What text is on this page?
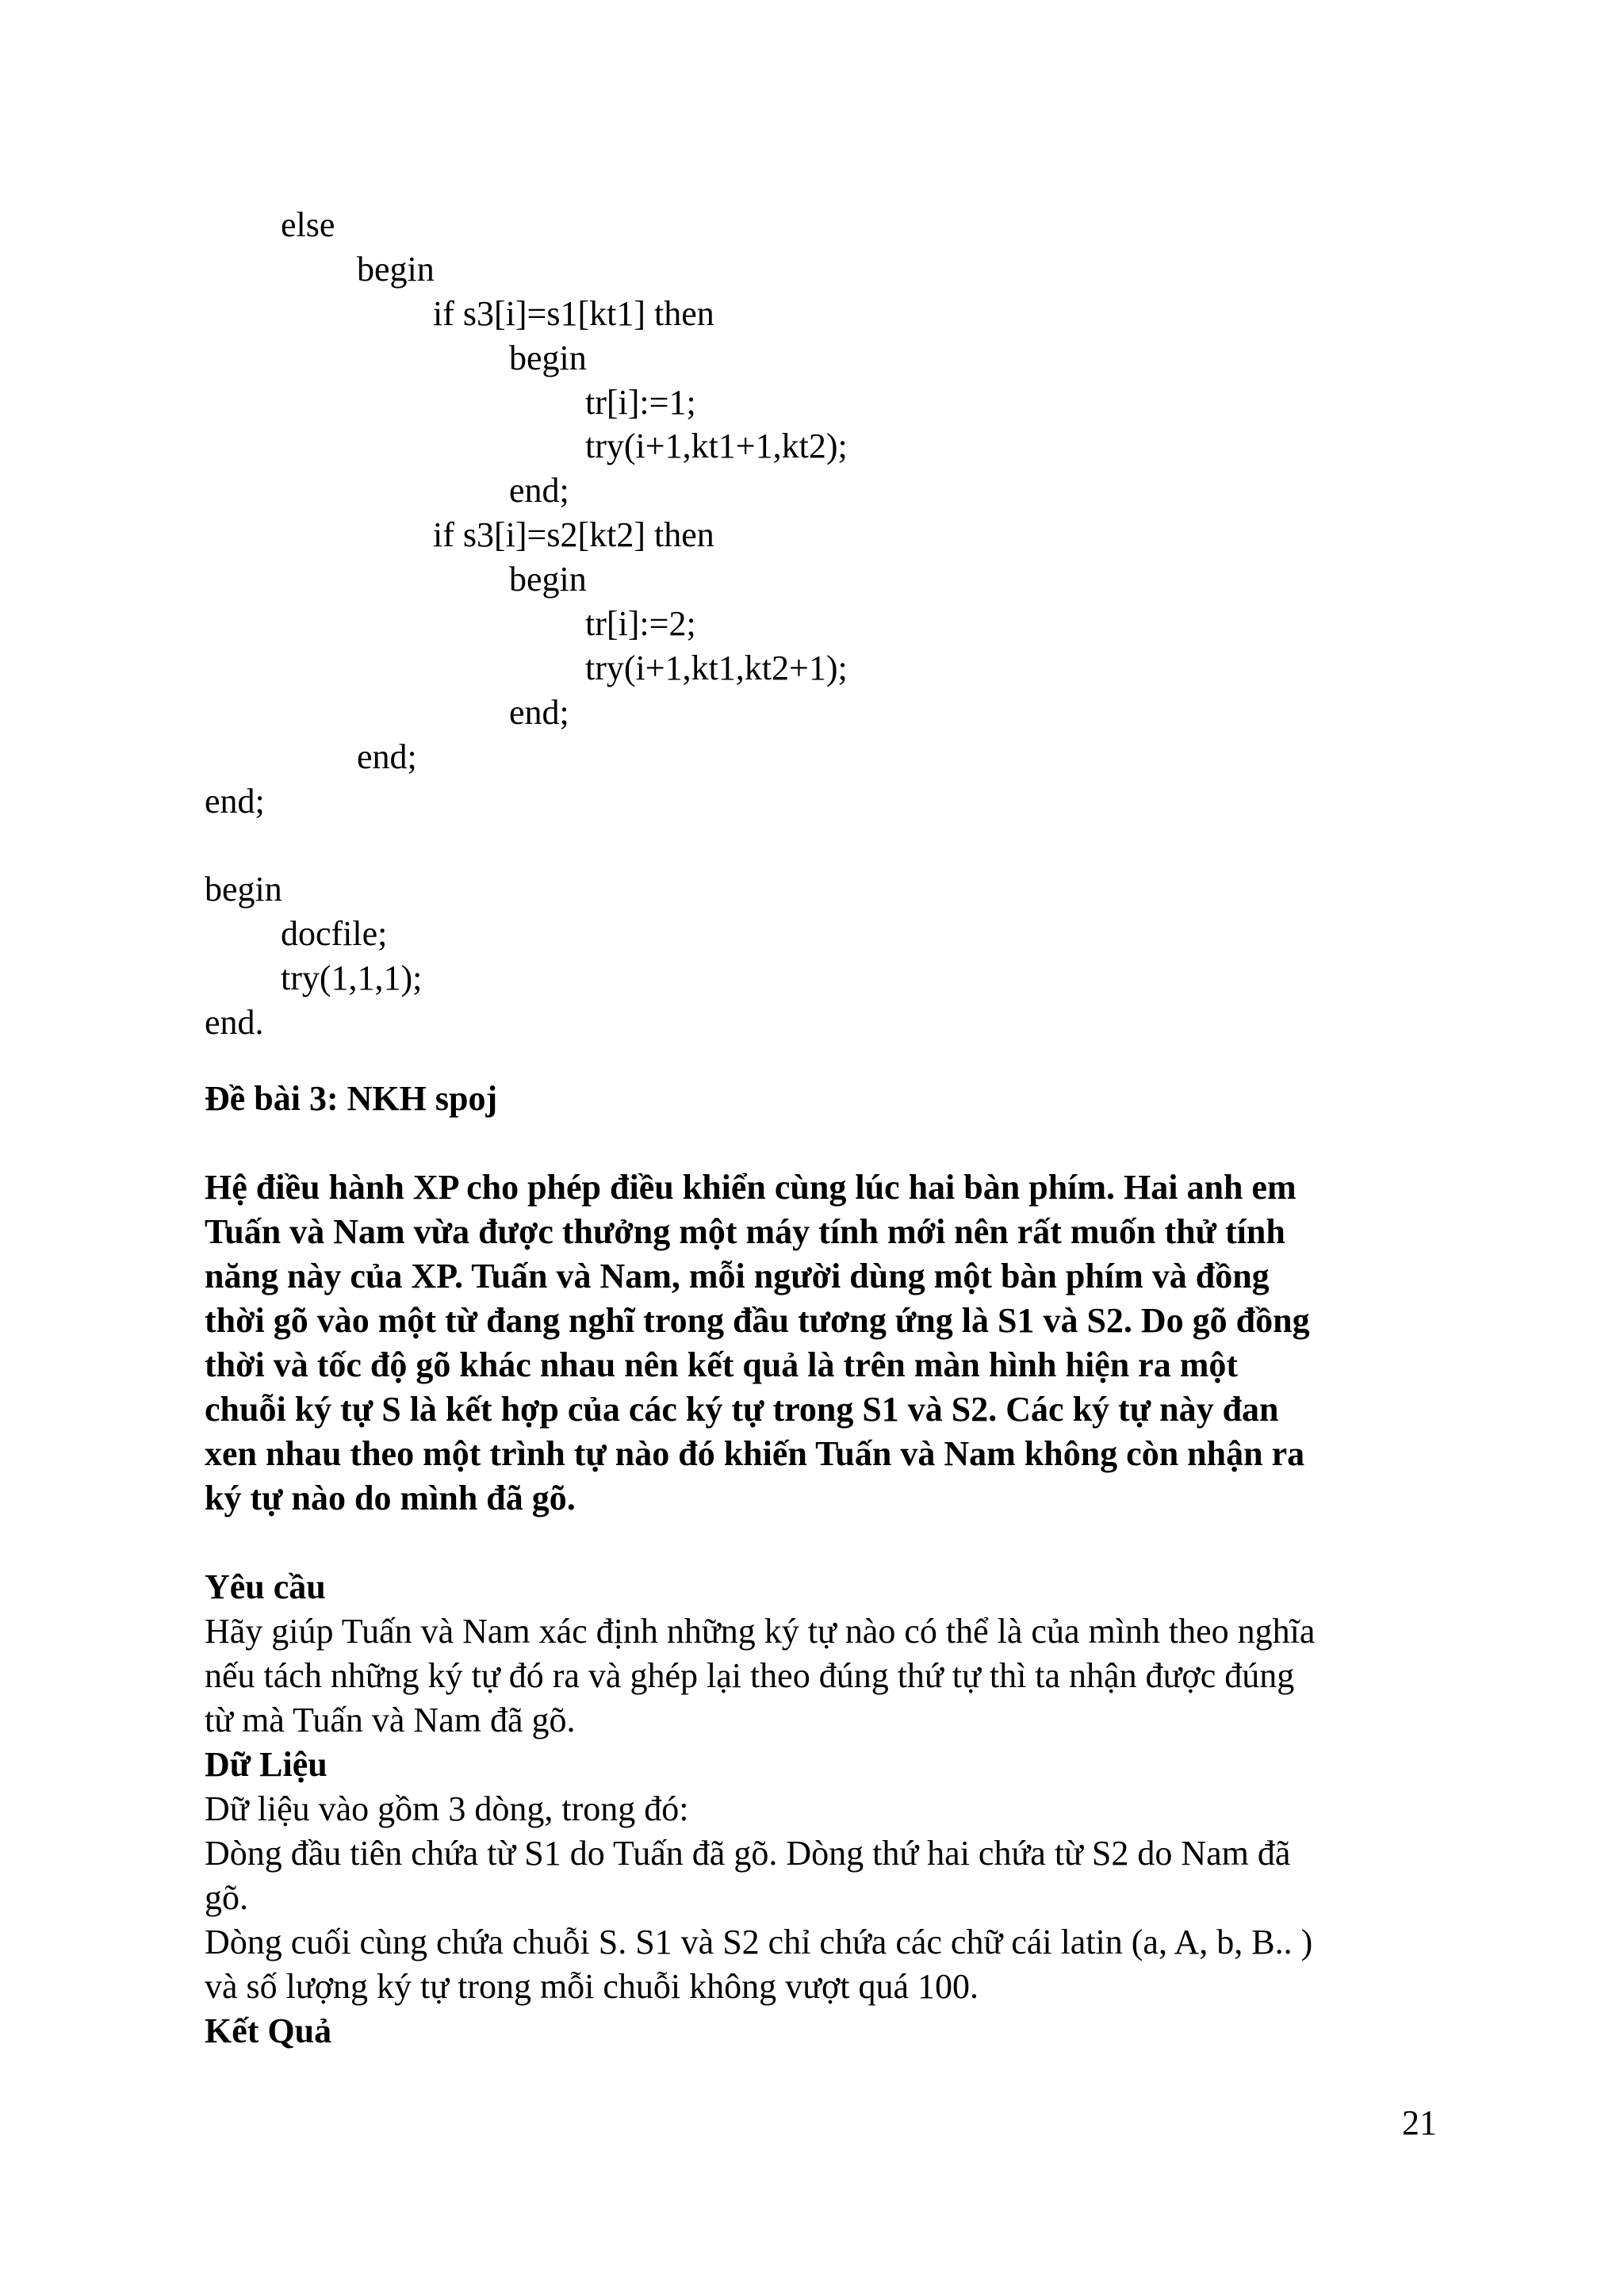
else
begin
if s3[i]=s1[kt1] then
begin
tr[i]:=1;
try(i+1,kt1+1,kt2);
end;
if s3[i]=s2[kt2] then
begin
tr[i]:=2;
try(i+1,kt1,kt2+1);
end;
end;
end;
begin
docfile;
try(1,1,1);
end.

Đề bài 3: NKH spoj

Hệ điều hành XP cho phép điều khiển cùng lúc hai bàn phím. Hai anh em

Tuấn và Nam vừa được thưởng một máy tính mới nên rất muốn thử tính

năng này của XP. Tuấn và Nam, mỗi người dùng một bàn phím và đồng

thời gõ vào một từ đang nghĩ trong đầu tương ứng là S1 và S2. Do gõ đồng

thời và tốc độ gõ khác nhau nên kết quả là trên màn hình hiện ra một

chuỗi ký tự S là kết hợp của các ký tự trong S1 và S2. Các ký tự này đan

xen nhau theo một trình tự nào đó khiến Tuấn và Nam không còn nhận ra

ký tự nào do mình đã gõ.

Yêu cầu

Hãy giúp Tuấn và Nam xác định những ký tự nào có thể là của mình theo nghĩa

nếu tách những ký tự đó ra và ghép lại theo đúng thứ tự thì ta nhận được đúng

từ mà Tuấn và Nam đã gõ.

Dữ Liệu

Dữ liệu vào gồm 3 dòng, trong đó:

Dòng đầu tiên chứa từ S1 do Tuấn đã gõ. Dòng thứ hai chứa từ S2 do Nam đã

gõ.

Dòng cuối cùng chứa chuỗi S. S1 và S2 chỉ chứa các chữ cái latin (a, A, b, B.. )

và số lượng ký tự trong mỗi chuỗi không vượt quá 100.

Kết Quả

21
